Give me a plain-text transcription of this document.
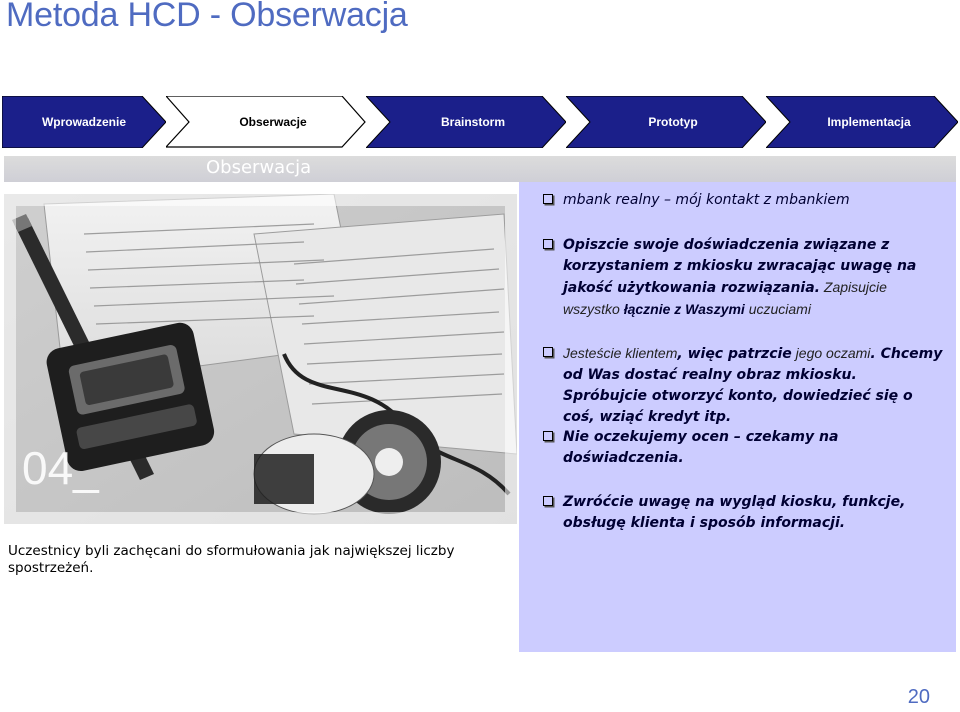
Metoda HCD - Obserwacja
Wprowadzenie	Obserwacje	Brainstorm	Prototyp	Implementacja
Obserwacja
04_
Uczestnicy byli zachęcani do sformułowania jak największej liczby spostrzeżeń.
mbank realny – mój kontakt z mbankiem
Opiszcie swoje doświadczenia związane z korzystaniem z mkiosku zwracając uwagę na jakość użytkowania rozwiązania. Zapisujcie wszystko łącznie z Waszymi uczuciami
Jesteście klientem, więc patrzcie jego oczami. Chcemy od Was dostać realny obraz mkiosku. Spróbujcie otworzyć konto, dowiedzieć się o coś, wziąć kredyt itp.
Nie oczekujemy ocen – czekamy na doświadczenia.
Zwróćcie uwagę na wygląd kiosku, funkcje, obsługę klienta i sposób informacji.
20
